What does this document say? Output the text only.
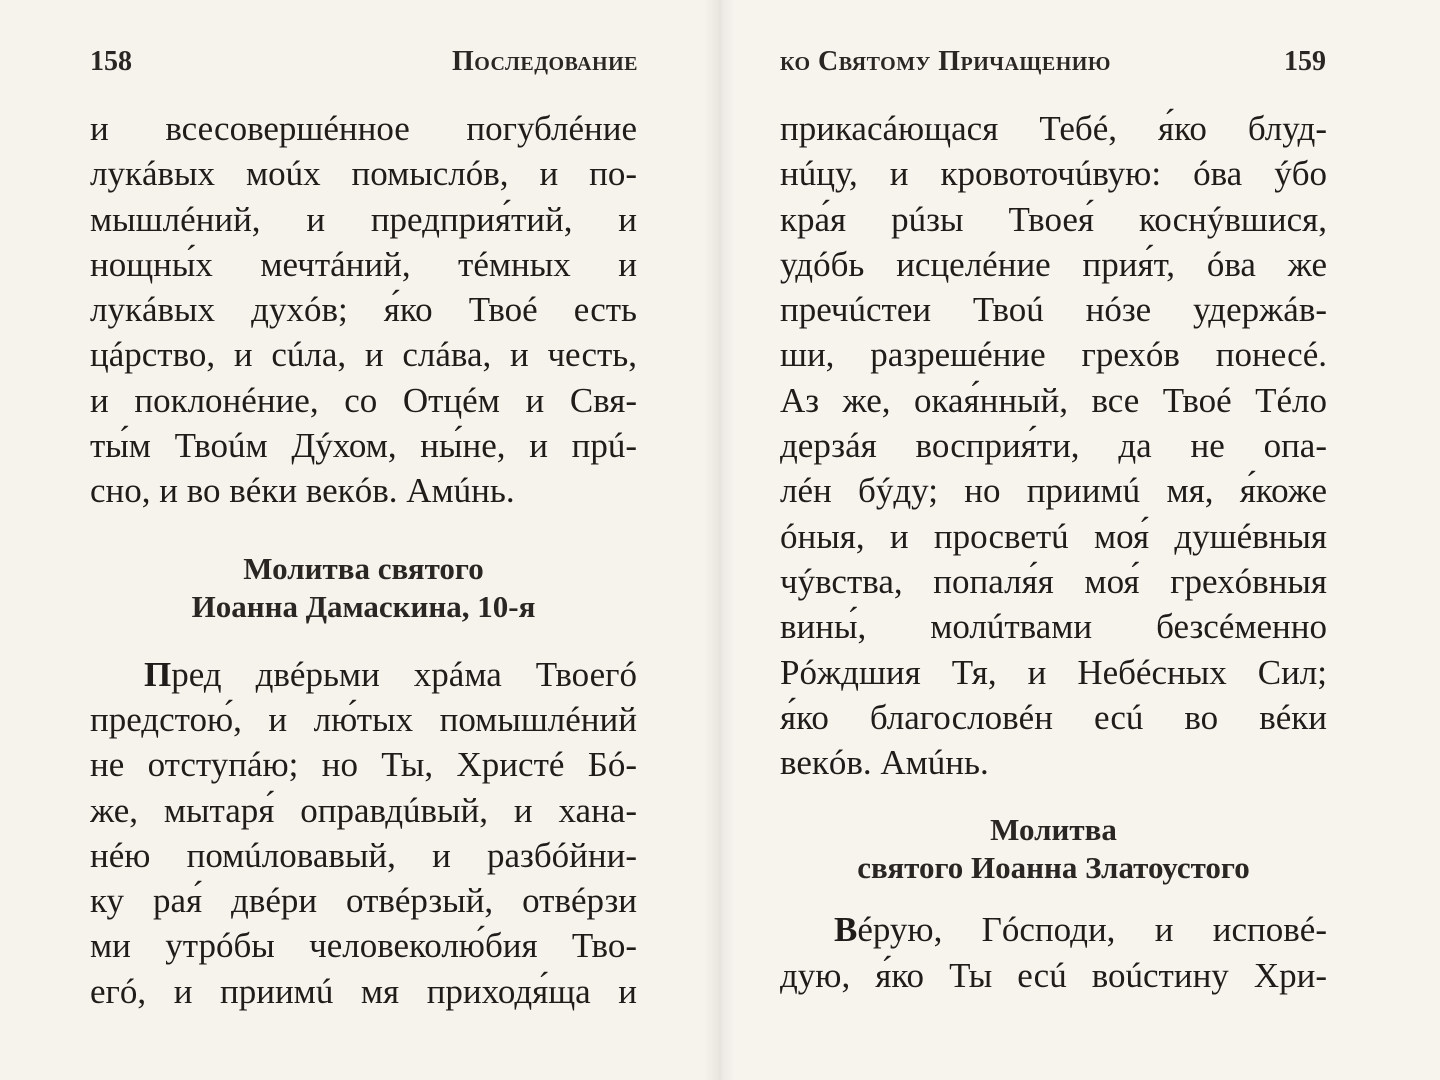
158	Последование
и всесовершéнное погублéние
лукáвых моúх помыслóв, и по-
мышлéний, и предприя́тий, и
нощны́х мечтáний, тéмных и
лукáвых духóв; я́ко Твоé есть
цáрство, и сúла, и слáва, и честь,
и поклонéние, со Отцéм и Свя-
ты́м Твоúм Дýхом, ны́не, и прú-
сно, и во вéки векóв. Амúнь.
Молитва святого
Иоанна Дамаскина, 10-я
Пред двéрьми хрáма Твоегó
предстою́, и лю́тых помышлéний
не отступáю; но Ты, Христé Бó-
же, мытаря́ оправдúвый, и хана-
нéю помúловавый, и разбóйни-
ку рая́ двéри отвéрзый, отвéрзи
ми утрóбы человеколю́бия Тво-
егó, и приимú мя приходя́ща и
ко Святому Причащению	159
прикасáющася Тебé, я́ко блуд-
нúцу, и кровоточúвую: óва ýбо
кра́я рúзы Твоея́ коснýвшися,
удóбь исцелéние прия́т, óва же
пречúстеи Твоú нóзе удержáв-
ши, разрешéние грехóв понесé.
Аз же, окая́нный, все Твоé Тéло
дерзáя восприя́ти, да не опа-
лéн бýду; но приимú мя, я́коже
óныя, и просветú моя́ душéвныя
чýвства, попаля́я моя́ грехóвныя
вины́, молúтвами безсéменно
Рóждшия Тя, и Небéсных Сил;
я́ко благословéн есú во вéки
векóв. Амúнь.
Молитва
святого Иоанна Златоустого
Вéрую, Гóсподи, и исповé-
дую, я́ко Ты есú воúстину Хри-
